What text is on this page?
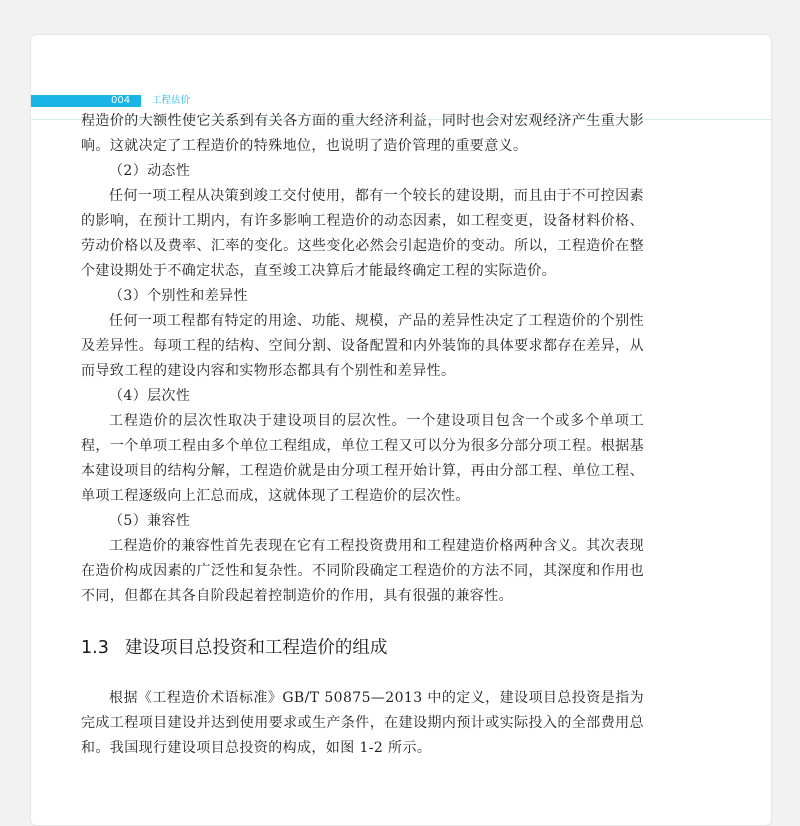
004 工程估价

程造价的大额性使它关系到有关各方面的重大经济利益，同时也会对宏观经济产生重大影响。这就决定了工程造价的特殊地位，也说明了造价管理的重要意义。

（2）动态性

任何一项工程从决策到竣工交付使用，都有一个较长的建设期，而且由于不可控因素的影响，在预计工期内，有许多影响工程造价的动态因素，如工程变更，设备材料价格、劳动价格以及费率、汇率的变化。这些变化必然会引起造价的变动。所以，工程造价在整个建设期处于不确定状态，直至竣工决算后才能最终确定工程的实际造价。

（3）个别性和差异性

任何一项工程都有特定的用途、功能、规模，产品的差异性决定了工程造价的个别性及差异性。每项工程的结构、空间分割、设备配置和内外装饰的具体要求都存在差异，从而导致工程的建设内容和实物形态都具有个别性和差异性。

（4）层次性

工程造价的层次性取决于建设项目的层次性。一个建设项目包含一个或多个单项工程，一个单项工程由多个单位工程组成，单位工程又可以分为很多分部分项工程。根据基本建设项目的结构分解，工程造价就是由分项工程开始计算，再由分部工程、单位工程、单项工程逐级向上汇总而成，这就体现了工程造价的层次性。

（5）兼容性

工程造价的兼容性首先表现在它有工程投资费用和工程建造价格两种含义。其次表现在造价构成因素的广泛性和复杂性。不同阶段确定工程造价的方法不同，其深度和作用也不同，但都在其各自阶段起着控制造价的作用，具有很强的兼容性。

1.3 建设项目总投资和工程造价的组成

根据《工程造价术语标准》GB/T 50875—2013 中的定义，建设项目总投资是指为完成工程项目建设并达到使用要求或生产条件，在建设期内预计或实际投入的全部费用总和。我国现行建设项目总投资的构成，如图 1-2 所示。
